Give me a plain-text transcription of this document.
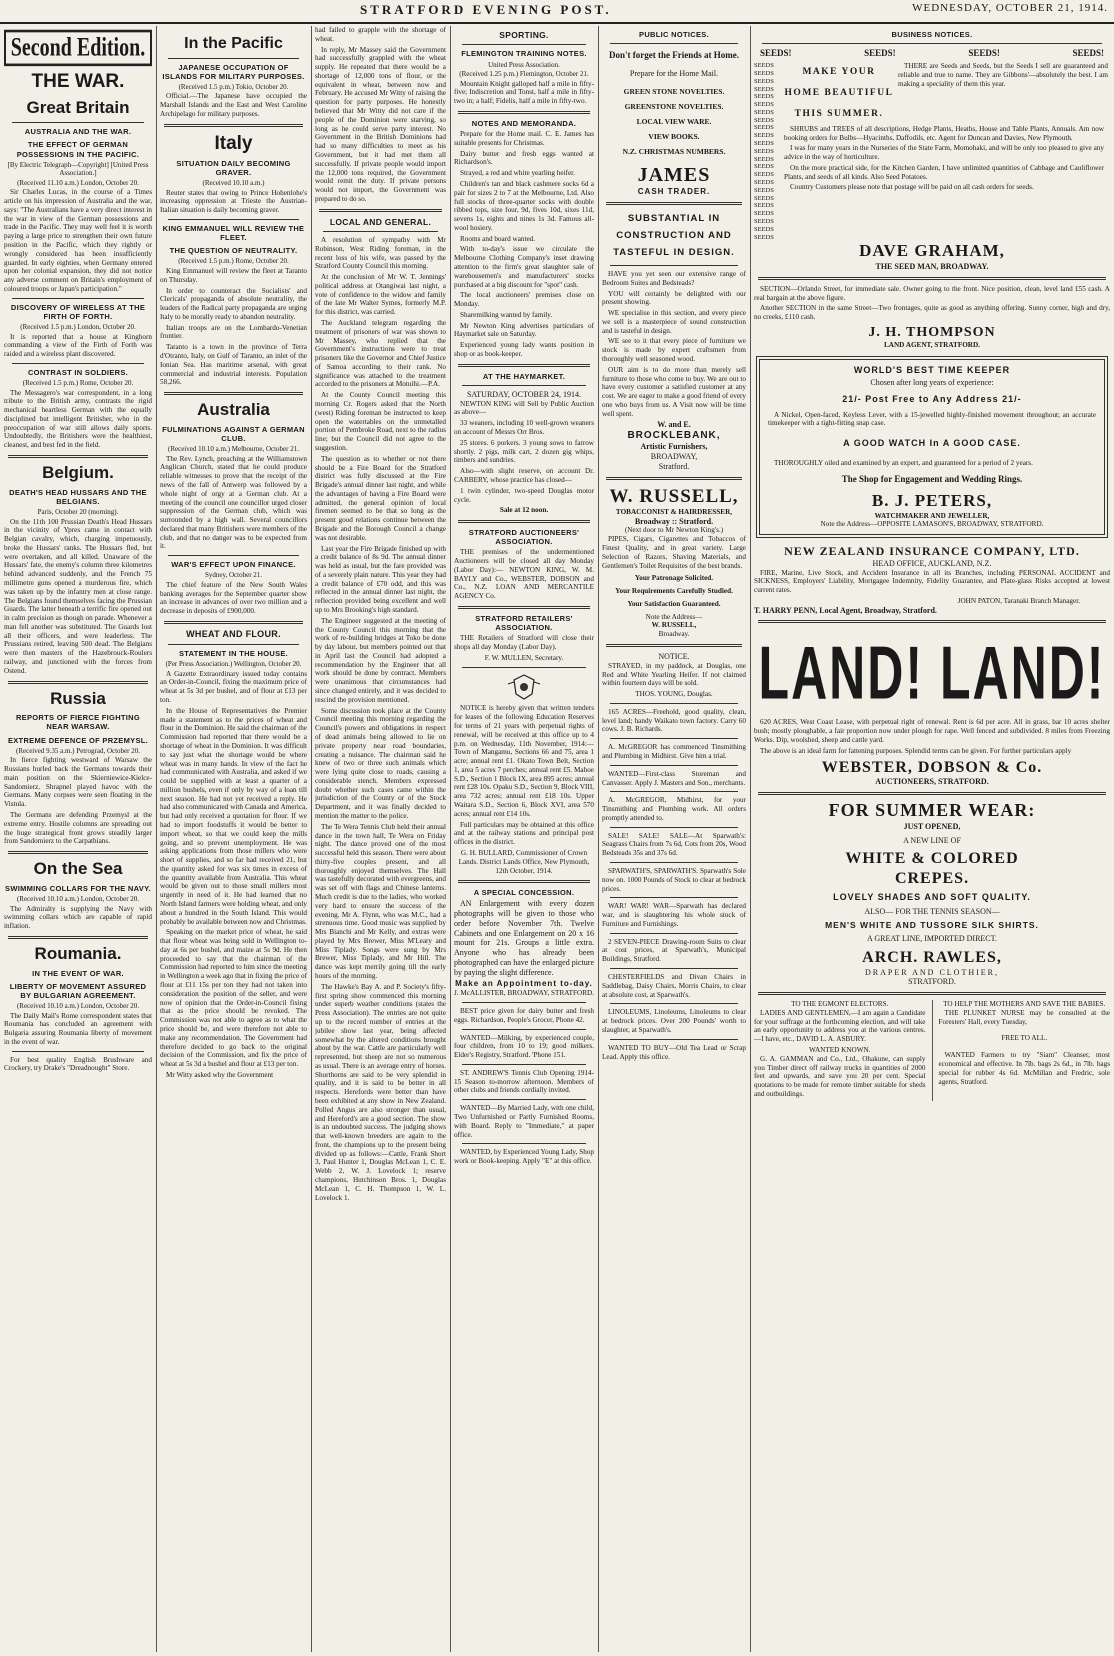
STRATFORD EVENING POST.	WEDNESDAY, OCTOBER 21, 1914.
Second Edition.
THE WAR.
Great Britain
AUSTRALIA AND THE WAR.
THE EFFECT OF GERMAN POSSESSIONS IN THE PACIFIC.
[By Electric Telegraph—Copyright] [United Press Association.]
(Received 11.10 a.m.) London, October 20.

Sir Charles Lucas, in the course of a Times article on his impression of Australia and the war, says: "The Australians have a very direct interest in the war in view of the German possessions and trade in the Pacific. They may well feel it is worth paying a large price to strengthen their own future position in the Pacific, which they rightly or wrongly considered has been insufficiently guarded. In early eighties, when Germany entered upon her colonial expansion, they did not notice any adverse comment on Britain's employment of coloured troops or Japan's participation."

DISCOVERY OF WIRELESS AT THE FIRTH OF FORTH.
(Received 1.5 p.m.) London, October 20.

It is reported that a house at Kinghorn commanding a view of the Firth of Forth was raided and a wireless plant discovered.

CONTRAST IN SOLDIERS.
(Received 1.5 p.m.) Rome, October 20.

The Messagero's war correspondent, in a long tribute to the British army, contrasts the rigid mechanical heartless German with the equally disciplined but intelligent Britisher, who in the preoccupation of war still allows daily sports. Undoubtedly, the Britishers were the healthiest, cleanest, and best fed in the field.

Belgium.
DEATH'S HEAD HUSSARS AND THE BELGIANS.
Paris, October 20 (morning).

On the 11th 100 Prussian Death's Head Hussars in the vicinity of Ypres came in contact with Belgian cavalry, which, charging impetuously, broke the Hussars' ranks. The Hussars fled, but were overtaken, and all killed. Unaware of the Hussars' fate, the enemy's column three kilometres behind advanced suddenly, and the French 75 millimetre guns opened a murderous fire, which was taken up by the infantry men at close range. The Belgians found themselves facing the Prussian Guards. The latter beneath a terrific fire opened out in calm precision as though on parade. Whenever a man fell another was substituted. The Guards lost all their officers, and were leaderless. The Prussians retired, leaving 500 dead. The Belgians were then masters of the Hazebrouck-Roulers railway, and junctioned with the forces from Ostend.

Russia
REPORTS OF FIERCE FIGHTING NEAR WARSAW.
EXTREME DEFENCE OF PRZEMYSL.
(Received 9.35 a.m.) Petrograd, October 20.

In fierce fighting westward of Warsaw the Russians hurled back the Germans towards their main position on the Skierniewice-Kielce-Sandomierz. Shrapnel played havoc with the Germans. Many corpses were seen floating in the Vistula.

The Germans are defending Przemysl at the extreme entry. Hostile columns are spreading out the huge strategical front grows steadily larger from Sandomierz to the Carpathians.

On the Sea
SWIMMING COLLARS FOR THE NAVY.
(Received 10.10 a.m.) London, October 20.

The Admiralty is supplying the Navy with swimming collars which are capable of rapid inflation.

Roumania.
IN THE EVENT OF WAR.
LIBERTY OF MOVEMENT ASSURED BY BULGARIAN AGREEMENT.
(Received 10.10 a.m.) London, October 20.

The Daily Mail's Rome correspondent states that Roumania has concluded an agreement with Bulgaria assuring Roumania liberty of movement in the event of war.

For best quality English Brushware and Crockery, try Drake's "Dreadnought" Store.

In the Pacific
JAPANESE OCCUPATION OF ISLANDS FOR MILITARY PURPOSES.
(Received 1.5 p.m.) Tokio, October 20.

Official.—The Japanese have occupied the Marshall Islands and the East and West Caroline Archipelago for military purposes.

Italy
SITUATION DAILY BECOMING GRAVER.
(Received 10.10 a.m.)

Reuter states that owing to Prince Hohenlohe's increasing oppression at Trieste the Austrian-Italian situation is daily becoming graver.

KING EMMANUEL WILL REVIEW THE FLEET.
THE QUESTION OF NEUTRALITY.
(Received 1.5 p.m.) Rome, October 20.

King Emmanuel will review the fleet at Taranto on Thursday.

In order to counteract the Socialists' and Clericals' propaganda of absolute neutrality, the leaders of the Radical party propaganda are urging Italy to be morally ready to abandon neutrality.

Italian troops are on the Lombardo-Venetian frontier.

Taranto is a town in the province of Terra d'Otranto, Italy, on Gulf of Taranto, an inlet of the Ionian Sea. Has maritime arsenal, with great commercial and industrial interests. Population 58,266.

Australia
FULMINATIONS AGAINST A GERMAN CLUB.
(Received 10.10 a.m.) Melbourne, October 21.

The Rev. Lynch, preaching at the Williamstown Anglican Church, stated that he could produce reliable witnesses to prove that the receipt of the news of the fall of Antwerp was followed by a whole night of orgy at a German club. At a meeting of the council one councillor urged closer suppression of the German club, which was surrounded by a high wall. Several councillors declared that many Britishers were members of the club, and that no danger was to be expected from it.

WAR'S EFFECT UPON FINANCE.
Sydney, October 21.

The chief feature of the New South Wales banking averages for the September quarter show an increase in advances of over two million and a decrease in deposits of £900,000.

WHEAT AND FLOUR.
STATEMENT IN THE HOUSE.
(Per Press Association.) Wellington, October 20.

A Gazette Extraordinary issued today contains an Order-in-Council, fixing the maximum price of wheat at 5s 3d per bushel, and of flour at £13 per ton.

In the House of Representatives the Premier made a statement as to the prices of wheat and flour in the Dominion. He said the chairman of the Commission had reported that there would be a shortage of wheat in the Dominion. It was difficult to say just what the shortage would be where wheat was in many hands. In view of the fact he had communicated with Australia, and asked if we could be supplied with at least a quarter of a million bushels, even if only by way of a loan till next season. He had not yet received a reply. He had also communicated with Canada and America, but had only received a quotation for flour. If we had to import foodstuffs it would be better to import wheat, so that we could keep the mills going, and so prevent unemployment. He was asking applications from those millers who were short of supplies, and so far had received 21, but the quantity asked for was six times in excess of the quantity available from Australia. This wheat would be given out to those small millers most urgently in need of it. He had learned that no North Island farmers were holding wheat, and only about a hundred in the South Island. This would probably be available between now and Christmas.

Speaking on the market price of wheat, he said that flour wheat was being sold in Wellington to-day at 6s per bushel, and maize at 5s 9d. He then proceeded to say that the chairman of the Commission had reported to him since the meeting in Wellington a week ago that in fixing the price of flour at £11 15s per ton they had not taken into consideration the position of the seller, and were now of opinion that the Order-in-Council fixing that as the price should be revoked. The Commission was not able to agree as to what the price should be, and were therefore not able to make any recommendation. The Government had therefore decided to go back to the original decision of the Commission, and fix the price of wheat at 5s 3d a bushel and flour at £13 per ton.

Mr Witty asked why the Government

had failed to grapple with the shortage of wheat.

In reply, Mr Massey said the Government had successfully grappled with the wheat supply. He repeated that there would be a shortage of 12,000 tons of flour, or the equivalent in wheat, between now and February. He accused Mr Witty of raising the question for party purposes. He honestly believed that Mr Witty did not care if the people of the Dominion were starving, so long as he could serve party interest. No Government in the British Dominions had had so many difficulties to meet as his Government, but it had met them all successfully. If private people would import the 12,000 tons required, the Government would remit the duty. If private persons would not import, the Government was prepared to do so.

LOCAL AND GENERAL.

A resolution of sympathy with Mr Robinson, West Riding foreman, in the recent loss of his wife, was passed by the Stratford County Council this morning.

At the conclusion of Mr W. T. Jennings' political address at Otangiwai last night, a vote of confidence to the widow and family of the late Mr Walter Symes, formerly M.P. for this district, was carried.

The Auckland telegram regarding the treatment of prisoners of war was shown to Mr Massey, who replied that the Government's instructions were to treat prisoners like the Governor and Chief Justice of Samoa according to their rank. No significance was attached to the treatment accorded to the prisoners at Motuihi.—P.A.

At the County Council meeting this morning Cr. Rogers asked that the North (west) Riding foreman be instructed to keep open the watertables on the unmetalled portion of Pembroke Road, next to the radius line; but the Council did not agree to the suggestion.

The question as to whether or not there should be a Fire Board for the Stratford district was fully discussed at the Fire Brigade's annual dinner last night, and while the advantages of having a Fire Board were admitted, the general opinion of local firemen seemed to be that so long as the present good relations continue between the Brigade and the Borough Council a change was not desirable.

Last year the Fire Brigade finished up with a credit balance of 8s 9d. The annual dinner was held as usual, but the fare provided was of a severely plain nature. This year they had a credit balance of £70 odd, and this was reflected in the annual dinner last night, the reflection provided being excellent and well up to Mrs Brooking's high standard.

The Engineer suggested at the meeting of the County Council this morning that the work of re-building bridges at Toko be done by day labour, but members pointed out that in April last the Council had adopted a recommendation by the Engineer that all work should be done by contract. Members were unanimous that circumstances had since changed entirely, and it was decided to rescind the provision mentioned.

Some discussion took place at the County Council meeting this morning regarding the Council's powers and obligations in respect of dead animals being allowed to lie on private property near road boundaries, creating a nuisance. The chairman said he knew of two or three such animals which were lying quite close to roads, causing a considerable stench. Members expressed doubt whether such cases came within the jurisdiction of the County or of the Stock Department, and it was finally decided to mention the matter to the police.

The Te Wera Tennis Club held their annual dance in the town hall, Te Wera on Friday night. The dance proved one of the most successful held this season. There were about thirty-five couples present, and all thoroughly enjoyed themselves. The Hall was tastefully decorated with evergreens, and was set off with flags and Chinese lanterns. Much credit is due to the ladies, who worked very hard to ensure the success of the evening. Mr A. Flynn, who was M.C., had a strenuous time. Good music was supplied by Mrs Bianchi and Mr Kelly, and extras were played by Mrs Brewer, Miss M'Leary and Miss Tiplady. Songs were sung by Mrs Brewer, Miss Tiplady, and Mr Hill. The dance was kept merrily going till the early hours of the morning.

The Hawke's Bay A. and P. Society's fifty-first spring show commenced this morning under superb weather conditions (states the Press Association). The entries are not quite up to the record number of entries at the jubilee show last year, being affected somewhat by the altered conditions brought about by the war. Cattle are particularly well represented, but sheep are not so numerous as usual. There is an average entry of horses. Shorthorns are said to be very splendid in quality, and it is said to be better in all respects. Herefords were better than have been exhibited at any show in New Zealand. Polled Angus are also stronger than usual, and Hereford's are a good section. The show is an undoubted success. The judging shows that well-known breeders are again to the front, the champions up to the present being divided up as follows:—Cattle, Frank Short 3, Paul Hunter 1, Douglas McLean 1, C. E. Webb 2, W. J. Lovelock 1; reserve champions, Hutchinson Bros. 1, Douglas McLean 1, C. H. Thompson 1, W. L. Lovelock 1.

SPORTING.
FLEMINGTON TRAINING NOTES.
United Press Association.
(Received 1.25 p.m.) Flemington, October 21.

Mountain Knight galloped half a mile in fifty-five; Indiscretion and Tonst, half a mile in fifty-two in; a half; Fidelis, half a mile in fifty-two.

NOTES AND MEMORANDA.

Prepare for the Home mail. C. E. James has suitable presents for Christmas.

Dairy butter and fresh eggs wanted at Richardson's.

Strayed, a red and white yearling heifer.

Children's tan and black cashmere socks 6d a pair for sizes 2 to 7 at the Melbourne, Ltd. Also full stocks of three-quarter socks with double ribbed tops, size four, 9d, fives 10d, sixes 11d, sevens 1s, eights and nines 1s 3d. Famous all-wool hosiery.

Rooms and board wanted.

With to-day's issue we circulate the Melbourne Clothing Company's inset drawing attention to the firm's great slaughter sale of warehousemen's and manufacturers' stocks purchased at a big discount for "spot" cash.

The local auctioneers' premises close on Monday.

Sharemilking wanted by family.

Mr Newton King advertises particulars of Haymarket sale on Saturday.

Experienced young lady wants position in shop or as book-keeper.

AT THE HAYMARKET.
SATURDAY, OCTOBER 24, 1914.

NEWTON KING will Sell by Public Auction as above—

33 weaners, including 10 well-grown weaners on account of Messrs Orr Bros.

25 stores. 6 porkers. 3 young sows to farrow shortly. 2 pigs, milk cart, 2 dozen gig whips, timbers and sundries.

Also—with slight reserve, on account Dr. CARBERY, whose practice has closed—

1 twin cylinder, two-speed Douglas motor cycle.

Sale at 12 noon.
STRATFORD AUCTIONEERS' ASSOCIATION.

THE premises of the undermentioned Auctioneers will be closed all day Monday (Labor Day):— NEWTON KING, W. M. BAYLY and Co., WEBSTER, DOBSON and Co., N.Z. LOAN AND MERCANTILE AGENCY Co.

STRATFORD RETAILERS' ASSOCIATION.

THE Retailers of Stratford will close their shops all day Monday (Labor Day).

F. W. MULLEN, Secretary.

NOTICE is hereby given that written tenders for leases of the following Education Reserves for terms of 21 years with perpetual rights of renewal, will be received at this office up to 4 p.m. on Wednesday, 11th November, 1914:— Town of Mangamu, Sections 66 and 75, area 1 acre; annual rent £1. Okato Town Belt, Section 1, area 5 acres 7 perches; annual rent £5. Mahoe S.D., Section 1 Block IX, area 895 acres; annual rent £28 10s. Opaku S.D., Section 9, Block VIII, area 732 acres; annual rent £18 10s. Upper Waitara S.D., Section 6, Block XVI, area 570 acres; annual rent £14 10s.

Full particulars may be obtained at this office and at the railway stations and principal post offices in the district.

G. H. BULLARD, Commissioner of Crown Lands. District Lands Office, New Plymouth, 12th October, 1914.
A SPECIAL CONCESSION.

AN Enlargement with every dozen photographs will be given to those who order before November 7th. Twelve Cabinets and one Enlargement on 20 x 16 mount for 21s. Groups a little extra. Anyone who has already been photographed can have the enlarged picture by paying the slight difference.

Make an Appointment to-day.
J. McALLISTER, BROADWAY, STRATFORD.

BEST price given for dairy butter and fresh eggs. Richardson, People's Grocer, Phone 42.

WANTED—Milking, by experienced couple, four children, from 10 to 19; good milkers. Elder's Registry, Stratford. 'Phone 151.

ST. ANDREW'S Tennis Club Opening 1914-15 Season to-morrow afternoon. Members of other clubs and friends cordially invited.

WANTED—By Married Lady, with one child, Two Unfurnished or Partly Furnished Rooms, with Board. Reply to "Immediate," at paper office.

WANTED, by Experienced Young Lady, Shop work or Book-keeping. Apply "E" at this office.

PUBLIC NOTICES.
Don't forget the Friends at Home.
Prepare for the Home Mail.
GREEN STONE NOVELTIES.
GREENSTONE NOVELTIES.
LOCAL VIEW WARE.
VIEW BOOKS.
N.Z. CHRISTMAS NUMBERS.
JAMES
CASH TRADER.
SUBSTANTIAL IN CONSTRUCTION AND TASTEFUL IN DESIGN.

HAVE you yet seen our extensive range of Bedroom Suites and Bedsteads?

YOU will certainly be delighted with our present showing.

WE specialise in this section, and every piece we sell is a masterpiece of sound construction and is tasteful in design.

WE see to it that every piece of furniture we stock is made by expert craftsmen from thoroughly well seasoned wood.

OUR aim is to do more than merely sell furniture to those who come to buy. We are out to have every customer a satisfied customer at any cost. We are eager to make a good friend of every one who buys from us. A Visit now will be time well spent.

W. and E.
BROCKLEBANK,
Artistic Furnishers,
BROADWAY,
Stratford.
W. RUSSELL,
TOBACCONIST & HAIRDRESSER,
Broadway :: Stratford.
(Next door to Mr Newton King's.)

PIPES, Cigars, Cigarettes and Tobaccos of Finest Quality, and in great variety. Large Selection of Razors, Shaving Materials, and Gentlemen's Toilet Requisites of the best brands.

Your Patronage Solicited.
Your Requirements Carefully Studied.
Your Satisfaction Guaranteed.
Note the Address—
W. RUSSELL,
Broadway.
NOTICE.

STRAYED, in my paddock, at Douglas, one Red and White Yearling Heifer. If not claimed within fourteen days will be sold.

THOS. YOUNG, Douglas.

165 ACRES—Freehold, good quality, clean, level land; handy Waikato town factory. Carry 60 cows. J. B. Richards.

A. McGREGOR has commenced Tinsmithing and Plumbing in Midhirst. Give him a trial.

WANTED—First-class Storeman and Canvasser. Apply J. Masters and Son., merchants.

A. McGREGOR, Midhirst, for your Tinsmithing and Plumbing work. All orders promptly attended to.

SALE! SALE! SALE—At Sparwath's: Seagrass Chairs from 7s 6d, Cots from 20s, Wood Bedsteads 35s and 37s 6d.

SPARWATH'S, SPARWATH'S. Sparwath's Sole now on. 1000 Pounds of Stock to clear at bedrock prices.

WAR! WAR! WAR—Sparwath has declared war, and is slaughtering his whole stock of Furniture and Furnishings.

2 SEVEN-PIECE Drawing-room Suits to clear at cost prices, at Sparwath's, Municipal Buildings, Stratford.

CHESTERFIELDS and Divan Chairs in Saddlebag, Daisy Chairs, Morris Chairs, to clear at absolute cost, at Sparwath's.

LINOLEUMS, Linoleums, Linoleums to clear at bedrock prices. Over 200 Pounds' worth to slaughter, at Sparwath's.

WANTED TO BUY—Old Tea Lead or Scrap Lead. Apply this office.

BUSINESS NOTICES.
SEEDS!	SEEDS!	SEEDS!	SEEDS!
SEEDS
SEEDS
SEEDS
SEEDS
SEEDS
SEEDS
SEEDS
SEEDS
SEEDS
SEEDS
SEEDS
SEEDS
SEEDS
SEEDS
SEEDS
SEEDS
SEEDS
SEEDS
SEEDS
SEEDS
SEEDS
SEEDS
SEEDS
MAKE YOUR HOME BEAUTIFUL THIS SUMMER.

THERE are Seeds and Seeds, but the Seeds I sell are guaranteed and reliable and true to name. They are Gibbons'—absolutely the best. I am making a speciality of them this year.

SHRUBS and TREES of all descriptions, Hedge Plants, Heaths, House and Table Plants, Annuals. Am now booking orders for Bulbs—Hyacinths, Daffodils, etc. Agent for Duncan and Davies, New Plymouth.

I was for many years in the Nurseries of the State Farm, Momohaki, and will be only too pleased to give any advice in the way of horticulture.

On the more practical side, for the Kitchen Garden, I have unlimited quantities of Cabbage and Cauliflower Plants, and seeds of all kinds. Also Seed Potatoes.

Country Customers please note that postage will be paid on all cash orders for seeds.

DAVE GRAHAM,
THE SEED MAN, BROADWAY.

SECTION—Orlando Street, for immediate sale. Owner going to the front. Nice position, clean, level land £55 cash. A real bargain at the above figure.

Another SECTION in the same Street—Two frontages, quite as good as anything offering. Sunny corner, high and dry, no creeks, £110 cash.

J. H. THOMPSON
LAND AGENT, STRATFORD.
WORLD'S BEST TIME KEEPER
Chosen after long years of experience:
21/- Post Free to Any Address 21/-

A Nickel, Open-faced, Keyless Lever, with a 15-jewelled highly-finished movement throughout; an accurate timekeeper with a tight-fitting snap case.

A GOOD WATCH In A GOOD CASE.

THOROUGHLY oiled and examined by an expert, and guaranteed for a period of 2 years.

The Shop for Engagement and Wedding Rings.
B. J. PETERS,
WATCHMAKER AND JEWELLER,
Note the Address—OPPOSITE LAMASON'S, BROADWAY, STRATFORD.
NEW ZEALAND INSURANCE COMPANY, LTD.
HEAD OFFICE, AUCKLAND, N.Z.

FIRE, Marine, Live Stock, and Accident Insurance in all its Branches, including PERSONAL ACCIDENT and SICKNESS, Employers' Liability, Mortgagee Indemnity, Fidelity Guarantee, and Plate-glass Risks accepted at lowest current rates.

JOHN PATON, Taranaki Branch Manager.
T. HARRY PENN, Local Agent, Broadway, Stratford.
LAND! LAND!

620 ACRES, West Coast Lease, with perpetual right of renewal. Rent is 6d per acre. All in grass, bar 10 acres shelter bush; mostly ploughable, a fair proportion now under plough for rape. Well fenced and subdivided. 8 miles from Freezing Works. Dip, woolshed, sheep and cattle yard.

The above is an ideal farm for fattening purposes. Splendid terms can be given. For further particulars apply

WEBSTER, DOBSON & Co.
AUCTIONEERS, STRATFORD.
FOR SUMMER WEAR:
JUST OPENED,
A NEW LINE OF
WHITE & COLORED
CREPES.
LOVELY SHADES AND SOFT QUALITY.
ALSO— FOR THE TENNIS SEASON—
MEN'S WHITE AND TUSSORE SILK SHIRTS.
A GREAT LINE, IMPORTED DIRECT.
ARCH. RAWLES,
DRAPER AND CLOTHIER,
STRATFORD.
TO THE EGMONT ELECTORS.

LADIES AND GENTLEMEN,—I am again a Candidate for your suffrage at the forthcoming election, and will take an early opportunity to address you at the various centres.—I have, etc., DAVID L. A. ASBURY.

WANTED KNOWN.

G. A. GAMMAN and Co., Ltd., Ohakune, can supply you Timber direct off railway trucks in quantities of 2000 feet and upwards, and save you 20 per cent. Special quotations to be made for remote timber suitable for sheds and outbuildings.

TO HELP THE MOTHERS AND SAVE THE BABIES.

THE PLUNKET NURSE may be consulted at the Foresters' Hall, every Tuesday,

FREE TO ALL.

WANTED Farmers to try "Siam" Cleanser, most economical and effective. In 7lb. bags 2s 6d., in 7lb. bags special for rubber 4s 6d. McMillan and Fredric, sole agents, Stratford.
